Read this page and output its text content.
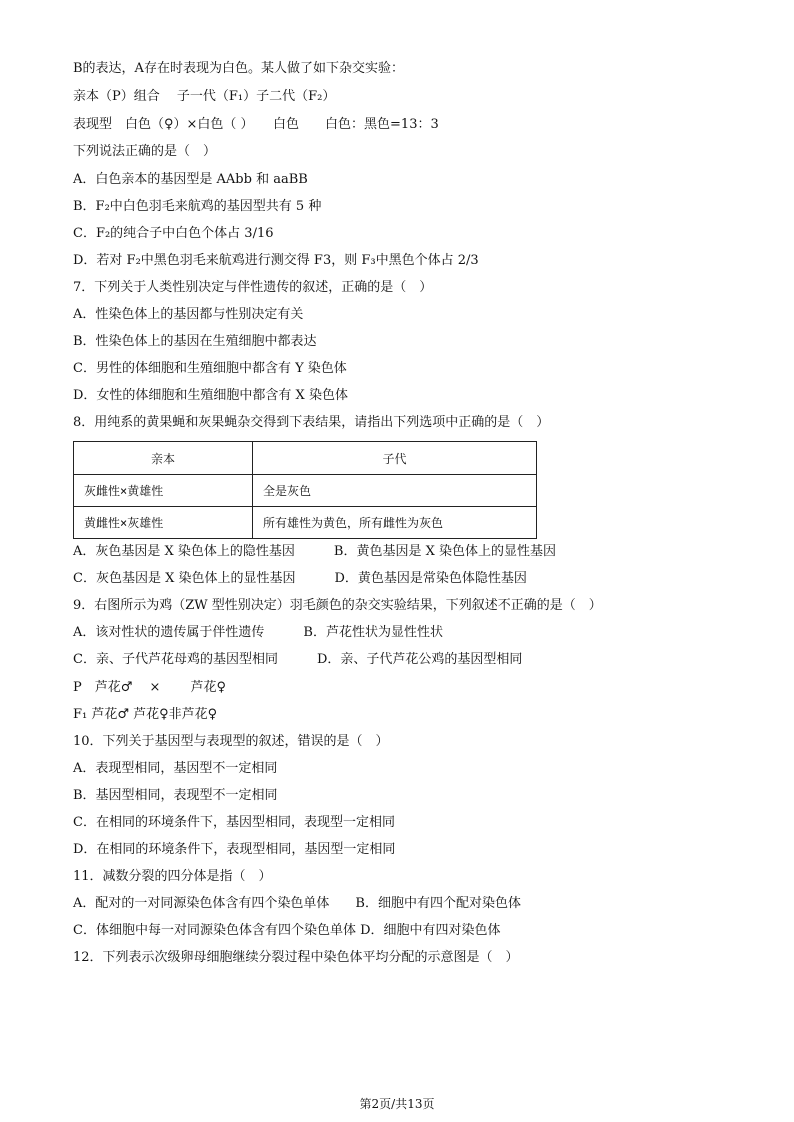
B的表达，A存在时表现为白色。某人做了如下杂交实验：
亲本（P）组合　 子一代（F₁）子二代（F₂）
表现型　白色（♀）×白色（ ）　　白色　　白色：黑色=13：3
下列说法正确的是（　）
A．白色亲本的基因型是 AAbb 和 aaBB
B．F₂中白色羽毛来航鸡的基因型共有 5 种
C．F₂的纯合子中白色个体占 3/16
D．若对 F₂中黑色羽毛来航鸡进行测交得 F3，则 F₃中黑色个体占 2/3
7．下列关于人类性别决定与伴性遗传的叙述，正确的是（　）
A．性染色体上的基因都与性别决定有关
B．性染色体上的基因在生殖细胞中都表达
C．男性的体细胞和生殖细胞中都含有 Y 染色体
D．女性的体细胞和生殖细胞中都含有 X 染色体
8．用纯系的黄果蝇和灰果蝇杂交得到下表结果，请指出下列选项中正确的是（　）
亲本	子代
灰雌性×黄雄性	全是灰色
黄雌性×灰雄性	所有雄性为黄色，所有雌性为灰色
A．灰色基因是 X 染色体上的隐性基因　　　B．黄色基因是 X 染色体上的显性基因
C．灰色基因是 X 染色体上的显性基因　　　D．黄色基因是常染色体隐性基因
9．右图所示为鸡（ZW 型性别决定）羽毛颜色的杂交实验结果，下列叙述不正确的是（　）
A．该对性状的遗传属于伴性遗传　　　B．芦花性状为显性性状
C．亲、子代芦花母鸡的基因型相同　　　D．亲、子代芦花公鸡的基因型相同
P　芦花♂　 ×　　 芦花♀
F₁ 芦花♂ 芦花♀非芦花♀
10．下列关于基因型与表现型的叙述，错误的是（　）
A．表现型相同，基因型不一定相同
B．基因型相同，表现型不一定相同
C．在相同的环境条件下，基因型相同，表现型一定相同
D．在相同的环境条件下，表现型相同，基因型一定相同
11．减数分裂的四分体是指（　）
A．配对的一对同源染色体含有四个染色单体　　B．细胞中有四个配对染色体
C．体细胞中每一对同源染色体含有四个染色单体 D．细胞中有四对染色体
12．下列表示次级卵母细胞继续分裂过程中染色体平均分配的示意图是（　）
第2页/共13页
